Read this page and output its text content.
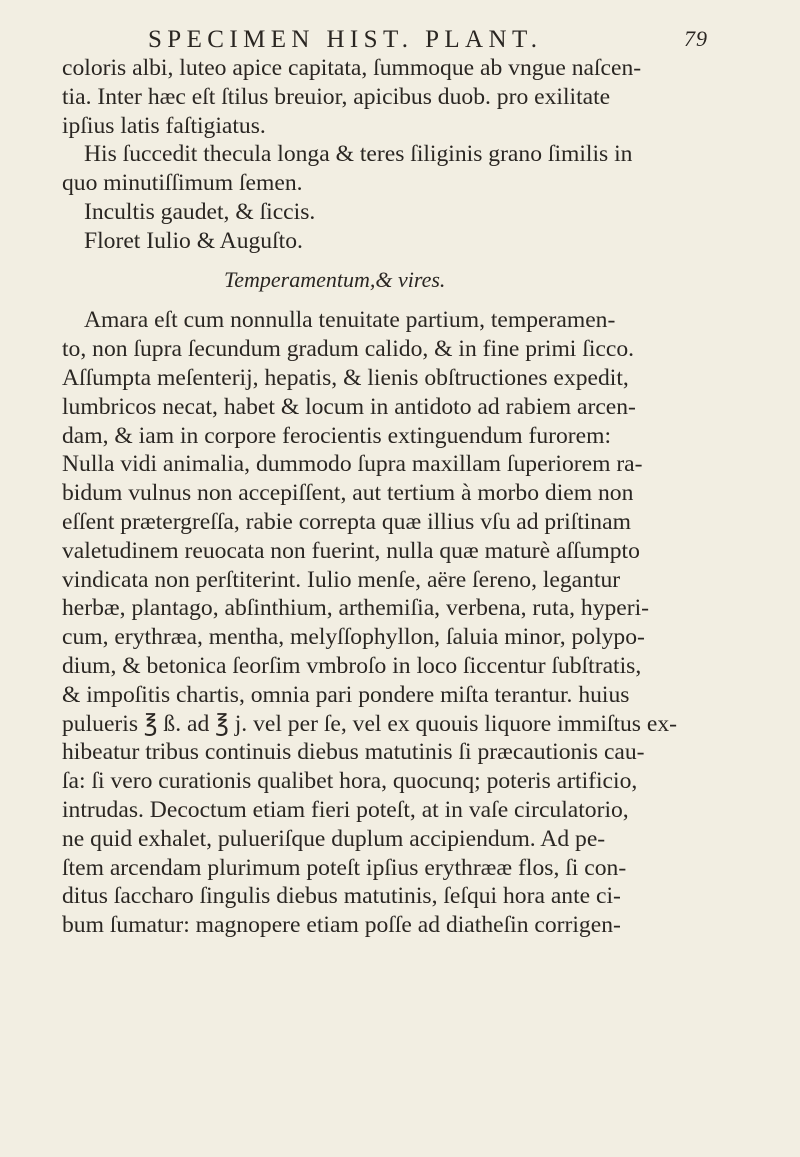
SPECIMEN HIST. PLANT.	79
coloris albi, luteo apice capitata, ſummoque ab vngue naſcen-
tia. Inter hæc eſt ſtilus breuior, apicibus duob. pro exilitate
ipſius latis faſtigiatus.
His ſuccedit thecula longa & teres ſiliginis grano ſimilis in
quo minutiſſimum ſemen.
Incultis gaudet, & ſiccis.
Floret Iulio & Auguſto.
Temperamentum,& vires.
Amara eſt cum nonnulla tenuitate partium, temperamen-
to, non ſupra ſecundum gradum calido, & in fine primi ſicco.
Aſſumpta meſenterij, hepatis, & lienis obſtructiones expedit,
lumbricos necat, habet & locum in antidoto ad rabiem arcen-
dam, & iam in corpore ferocientis extinguendum furorem:
Nulla vidi animalia, dummodo ſupra maxillam ſuperiorem ra-
bidum vulnus non accepiſſent, aut tertium à morbo diem non
eſſent prætergreſſa, rabie correpta quæ illius vſu ad priſtinam
valetudinem reuocata non fuerint, nulla quæ maturè aſſumpto
vindicata non perſtiterint. Iulio menſe, aëre ſereno, legantur
herbæ, plantago, abſinthium, arthemiſia, verbena, ruta, hyperi-
cum, erythræa, mentha, melyſſophyllon, ſaluia minor, polypo-
dium, & betonica ſeorſim vmbroſo in loco ſiccentur ſubſtratis,
& impoſitis chartis, omnia pari pondere miſta terantur. huius
pulueris ℥ ß. ad ℥ j. vel per ſe, vel ex quouis liquore immiſtus ex-
hibeatur tribus continuis diebus matutinis ſi præcautionis cau-
ſa: ſi vero curationis qualibet hora, quocunq; poteris artificio,
intrudas. Decoctum etiam fieri poteſt, at in vaſe circulatorio,
ne quid exhalet, pulueriſque duplum accipiendum. Ad pe-
ſtem arcendam plurimum poteſt ipſius erythrææ flos, ſi con-
ditus ſaccharo ſingulis diebus matutinis, ſeſqui hora ante ci-
bum ſumatur: magnopere etiam poſſe ad diatheſin corrigen-
